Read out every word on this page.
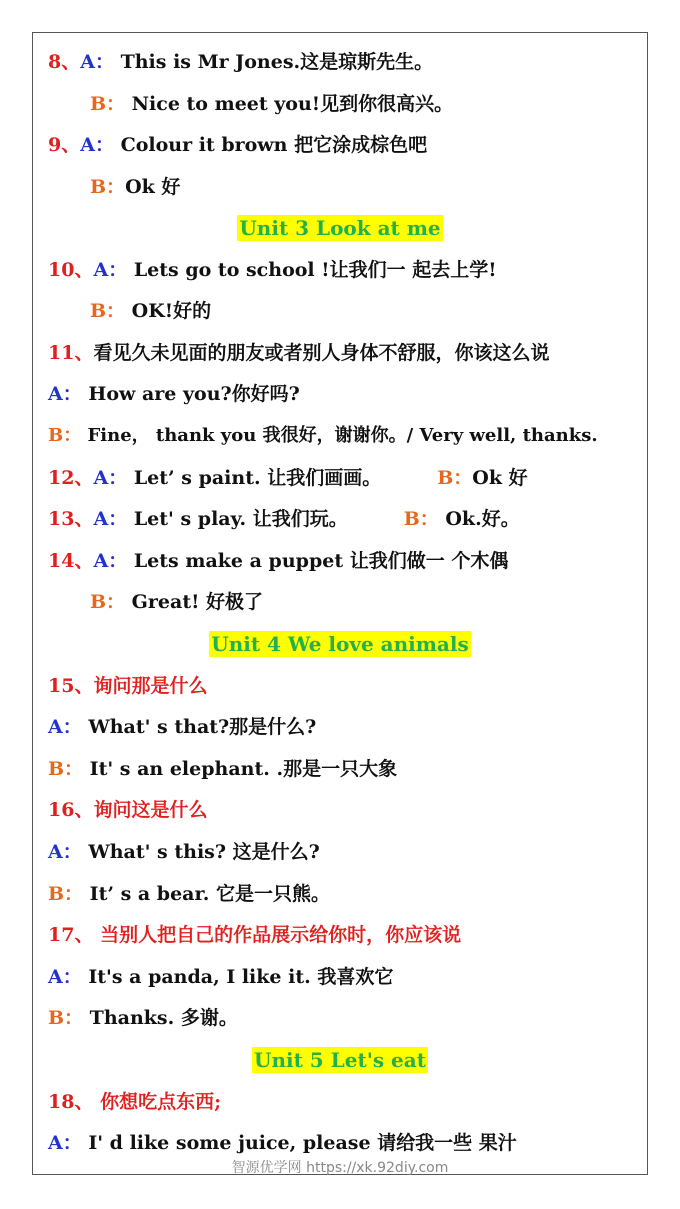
8、A： This is Mr Jones.这是琼斯先生。
B： Nice to meet you!见到你很高兴。
9、A： Colour it brown 把它涂成棕色吧
B：Ok 好
Unit 3 Look at me
10、A： Lets go to school !让我们一 起去上学!
B： OK!好的
11、看见久未见面的朋友或者别人身体不舒服，你该这么说
A： How are you?你好吗?
B： Fine， thank you 我很好，谢谢你。/ Very well, thanks.
12、A： Let’ s paint. 让我们画画。	B：Ok 好
13、A： Let' s play. 让我们玩。	B： Ok.好。
14、A： Lets make a puppet 让我们做一 个木偶
B： Great! 好极了
Unit 4 We love animals
15、询问那是什么
A： What' s that?那是什么?
B： It' s an elephant. .那是一只大象
16、询问这是什么
A： What' s this? 这是什么?
B： It’ s a bear. 它是一只熊。
17、 当别人把自己的作品展示给你时，你应该说
A： It's a panda, I like it. 我喜欢它
B： Thanks. 多谢。
Unit 5 Let's eat
18、 你想吃点东西;
A： I' d like some juice, please 请给我一些 果汁
智源优学网 https://xk.92diy.com
